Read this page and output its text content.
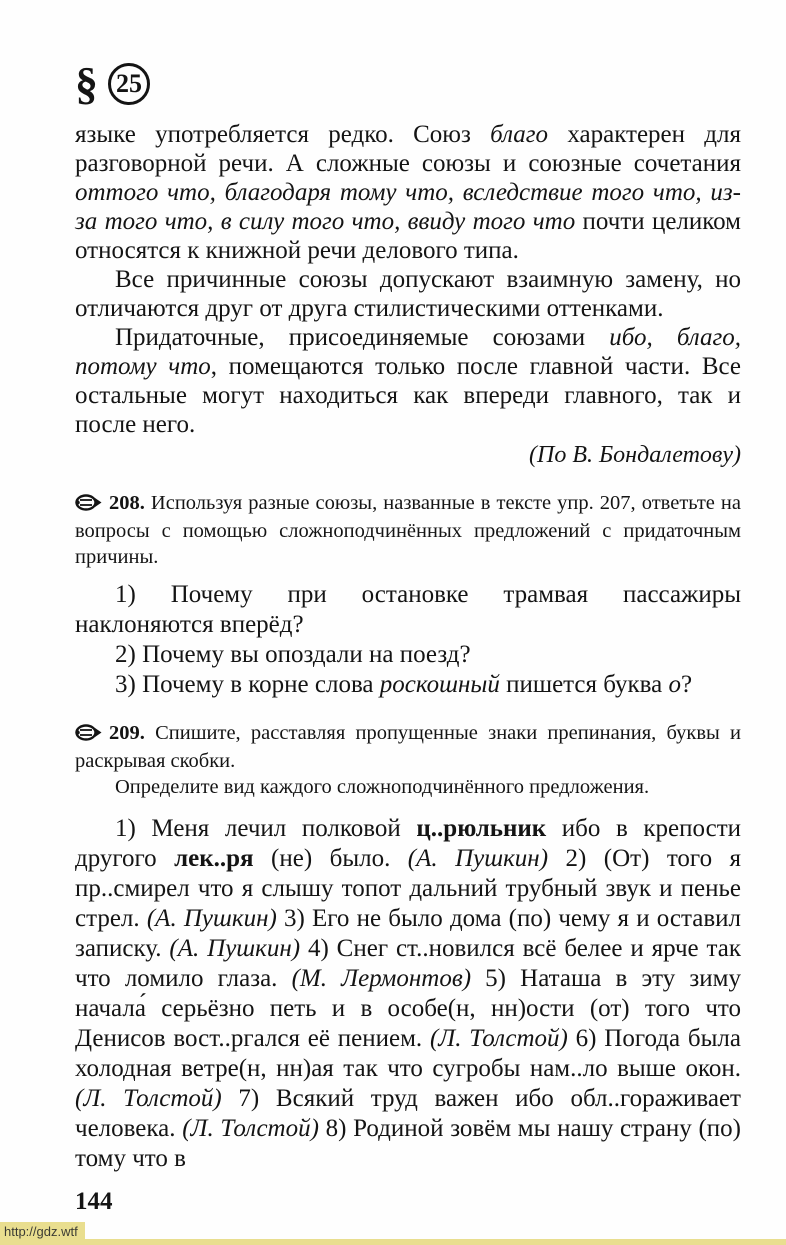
§ 25

языке употребляется редко. Союз благо характерен для разговорной речи. А сложные союзы и союзные сочетания оттого что, благодаря тому что, вследствие того что, из-за того что, в силу того что, ввиду того что почти целиком относятся к книжной речи делового типа.

Все причинные союзы допускают взаимную замену, но отличаются друг от друга стилистическими оттенками.

Придаточные, присоединяемые союзами ибо, благо, потому что, помещаются только после главной части. Все остальные могут находиться как впереди главного, так и после него.

(По В. Бондалетову)

208. Используя разные союзы, названные в тексте упр. 207, ответьте на вопросы с помощью сложноподчинённых предложений с придаточным причины.

1) Почему при остановке трамвая пассажиры наклоняются вперёд?

2) Почему вы опоздали на поезд?

3) Почему в корне слова роскошный пишется буква о?

209. Спишите, расставляя пропущенные знаки препинания, буквы и раскрывая скобки.

Определите вид каждого сложноподчинённого предложения.

1) Меня лечил полковой ц..рюльник ибо в крепости другого лек..ря (не) было. (А. Пушкин) 2) (От) того я пр..смирел что я слышу топот дальний трубный звук и пенье стрел. (А. Пушкин) 3) Его не было дома (по) чему я и оставил записку. (А. Пушкин) 4) Снег ст..новился всё белее и ярче так что ломило глаза. (М. Лермонтов) 5) Наташа в эту зиму начала́ серьёзно петь и в особе(н, нн)ости (от) того что Денисов вост..ргался её пением. (Л. Толстой) 6) Погода была холодная ветре(н, нн)ая так что сугробы нам..ло выше окон. (Л. Толстой) 7) Всякий труд важен ибо обл..гораживает человека. (Л. Толстой) 8) Родиной зовём мы нашу страну (по) тому что в

144
http://gdz.wtf
